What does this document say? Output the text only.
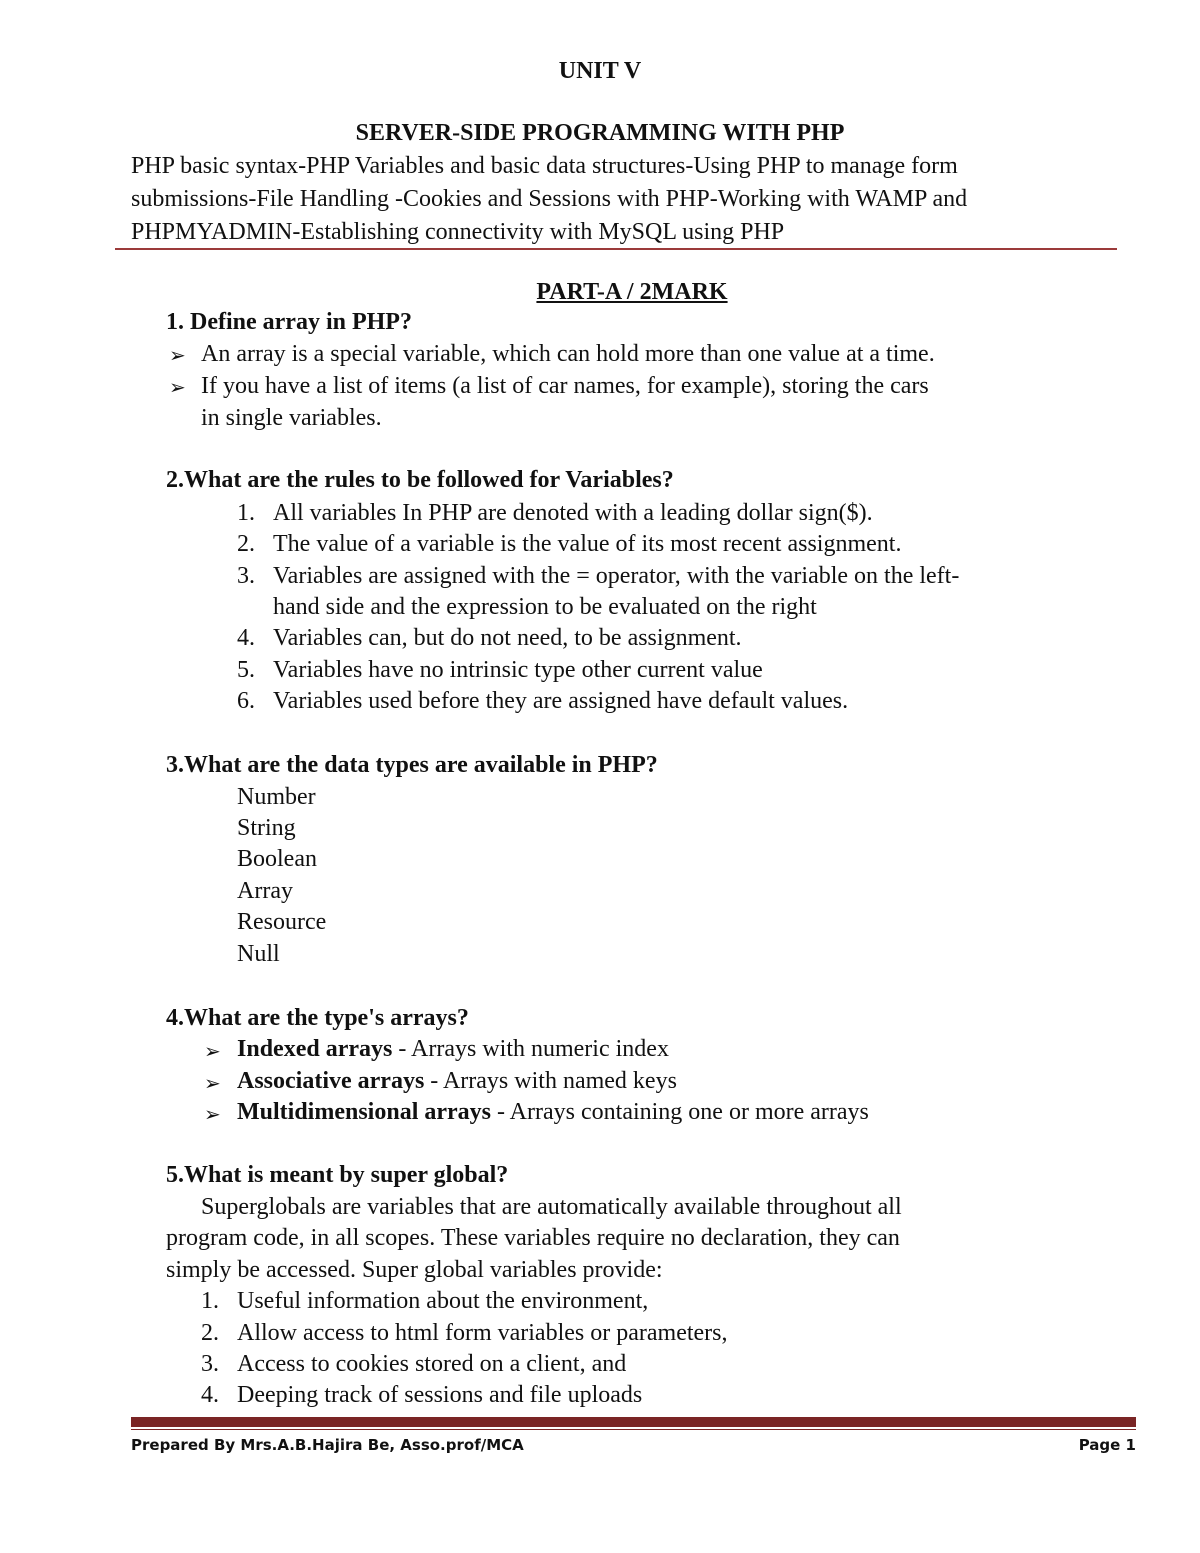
UNIT V
SERVER-SIDE PROGRAMMING WITH PHP
PHP basic syntax-PHP Variables and basic data structures-Using PHP to manage form
submissions-File Handling -Cookies and Sessions with PHP-Working with WAMP and
PHPMYADMIN-Establishing connectivity with MySQL using PHP
PART-A / 2MARK
1. Define array in PHP?
➢ An array is a special variable, which can hold more than one value at a time.
➢ If you have a list of items (a list of car names, for example), storing the cars
in single variables.
2.What are the rules to be followed for Variables?
1. All variables In PHP are denoted with a leading dollar sign($).
2. The value of a variable is the value of its most recent assignment.
3. Variables are assigned with the = operator, with the variable on the left-
hand side and the expression to be evaluated on the right
4. Variables can, but do not need, to be assignment.
5. Variables have no intrinsic type other current value
6. Variables used before they are assigned have default values.
3.What are the data types are available in PHP?
Number
String
Boolean
Array
Resource
Null
4.What are the type's arrays?
➢ Indexed arrays - Arrays with numeric index
➢ Associative arrays - Arrays with named keys
➢ Multidimensional arrays - Arrays containing one or more arrays
5.What is meant by super global?
Superglobals are variables that are automatically available throughout all
program code, in all scopes. These variables require no declaration, they can
simply be accessed. Super global variables provide:
1. Useful information about the environment,
2. Allow access to html form variables or parameters,
3. Access to cookies stored on a client, and
4. Deeping track of sessions and file uploads
Prepared By Mrs.A.B.Hajira Be, Asso.prof/MCA	Page 1
